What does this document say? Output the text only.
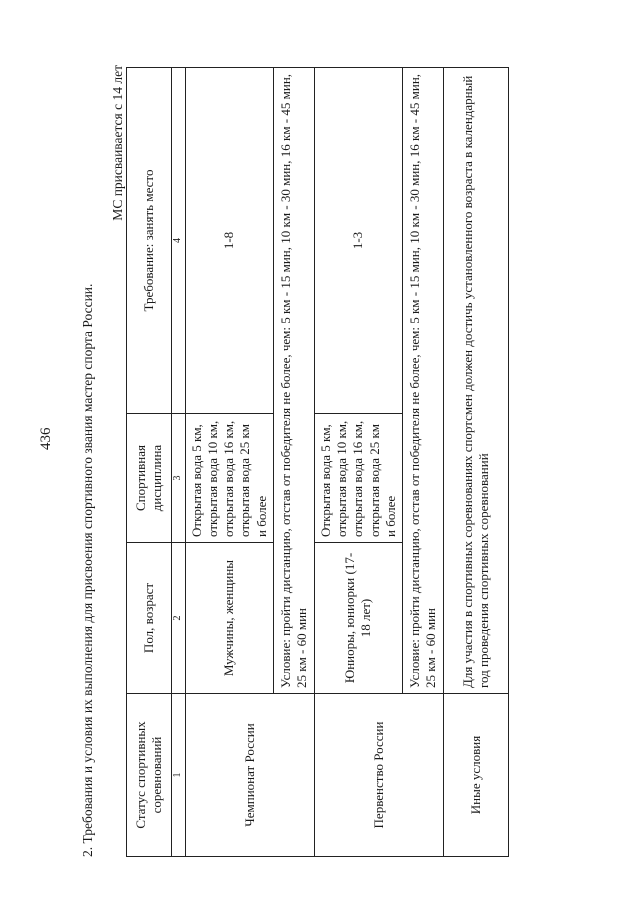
436 2. Требования и условия их выполнения для присвоения спортивного звания мастер спорта России.
МС присваивается с 14 лет
Статус спортивных соревнований	Пол, возраст	Спортивная дисциплина	Требование: занять место
1	2	3	4
Чемпионат России	Мужчины, женщины	Открытая вода 5 км, открытая вода 10 км, открытая вода 16 км, открытая вода 25 км и более	1-8
	Условие: пройти дистанцию, отстав от победителя не более, чем: 5 км - 15 мин, 10 км - 30 мин, 16 км - 45 мин, 25 км - 60 мин		
Первенство России	Юниоры, юниорки (17-18 лет)	Открытая вода 5 км, открытая вода 10 км, открытая вода 16 км, открытая вода 25 км и более	1-3
	Условие: пройти дистанцию, отстав от победителя не более, чем: 5 км - 15 мин, 10 км - 30 мин, 16 км - 45 мин, 25 км - 60 мин		
Иные условия	Для участия в спортивных соревнованиях спортсмен должен достичь установленного возраста в календарный год проведения спортивных соревнований		
